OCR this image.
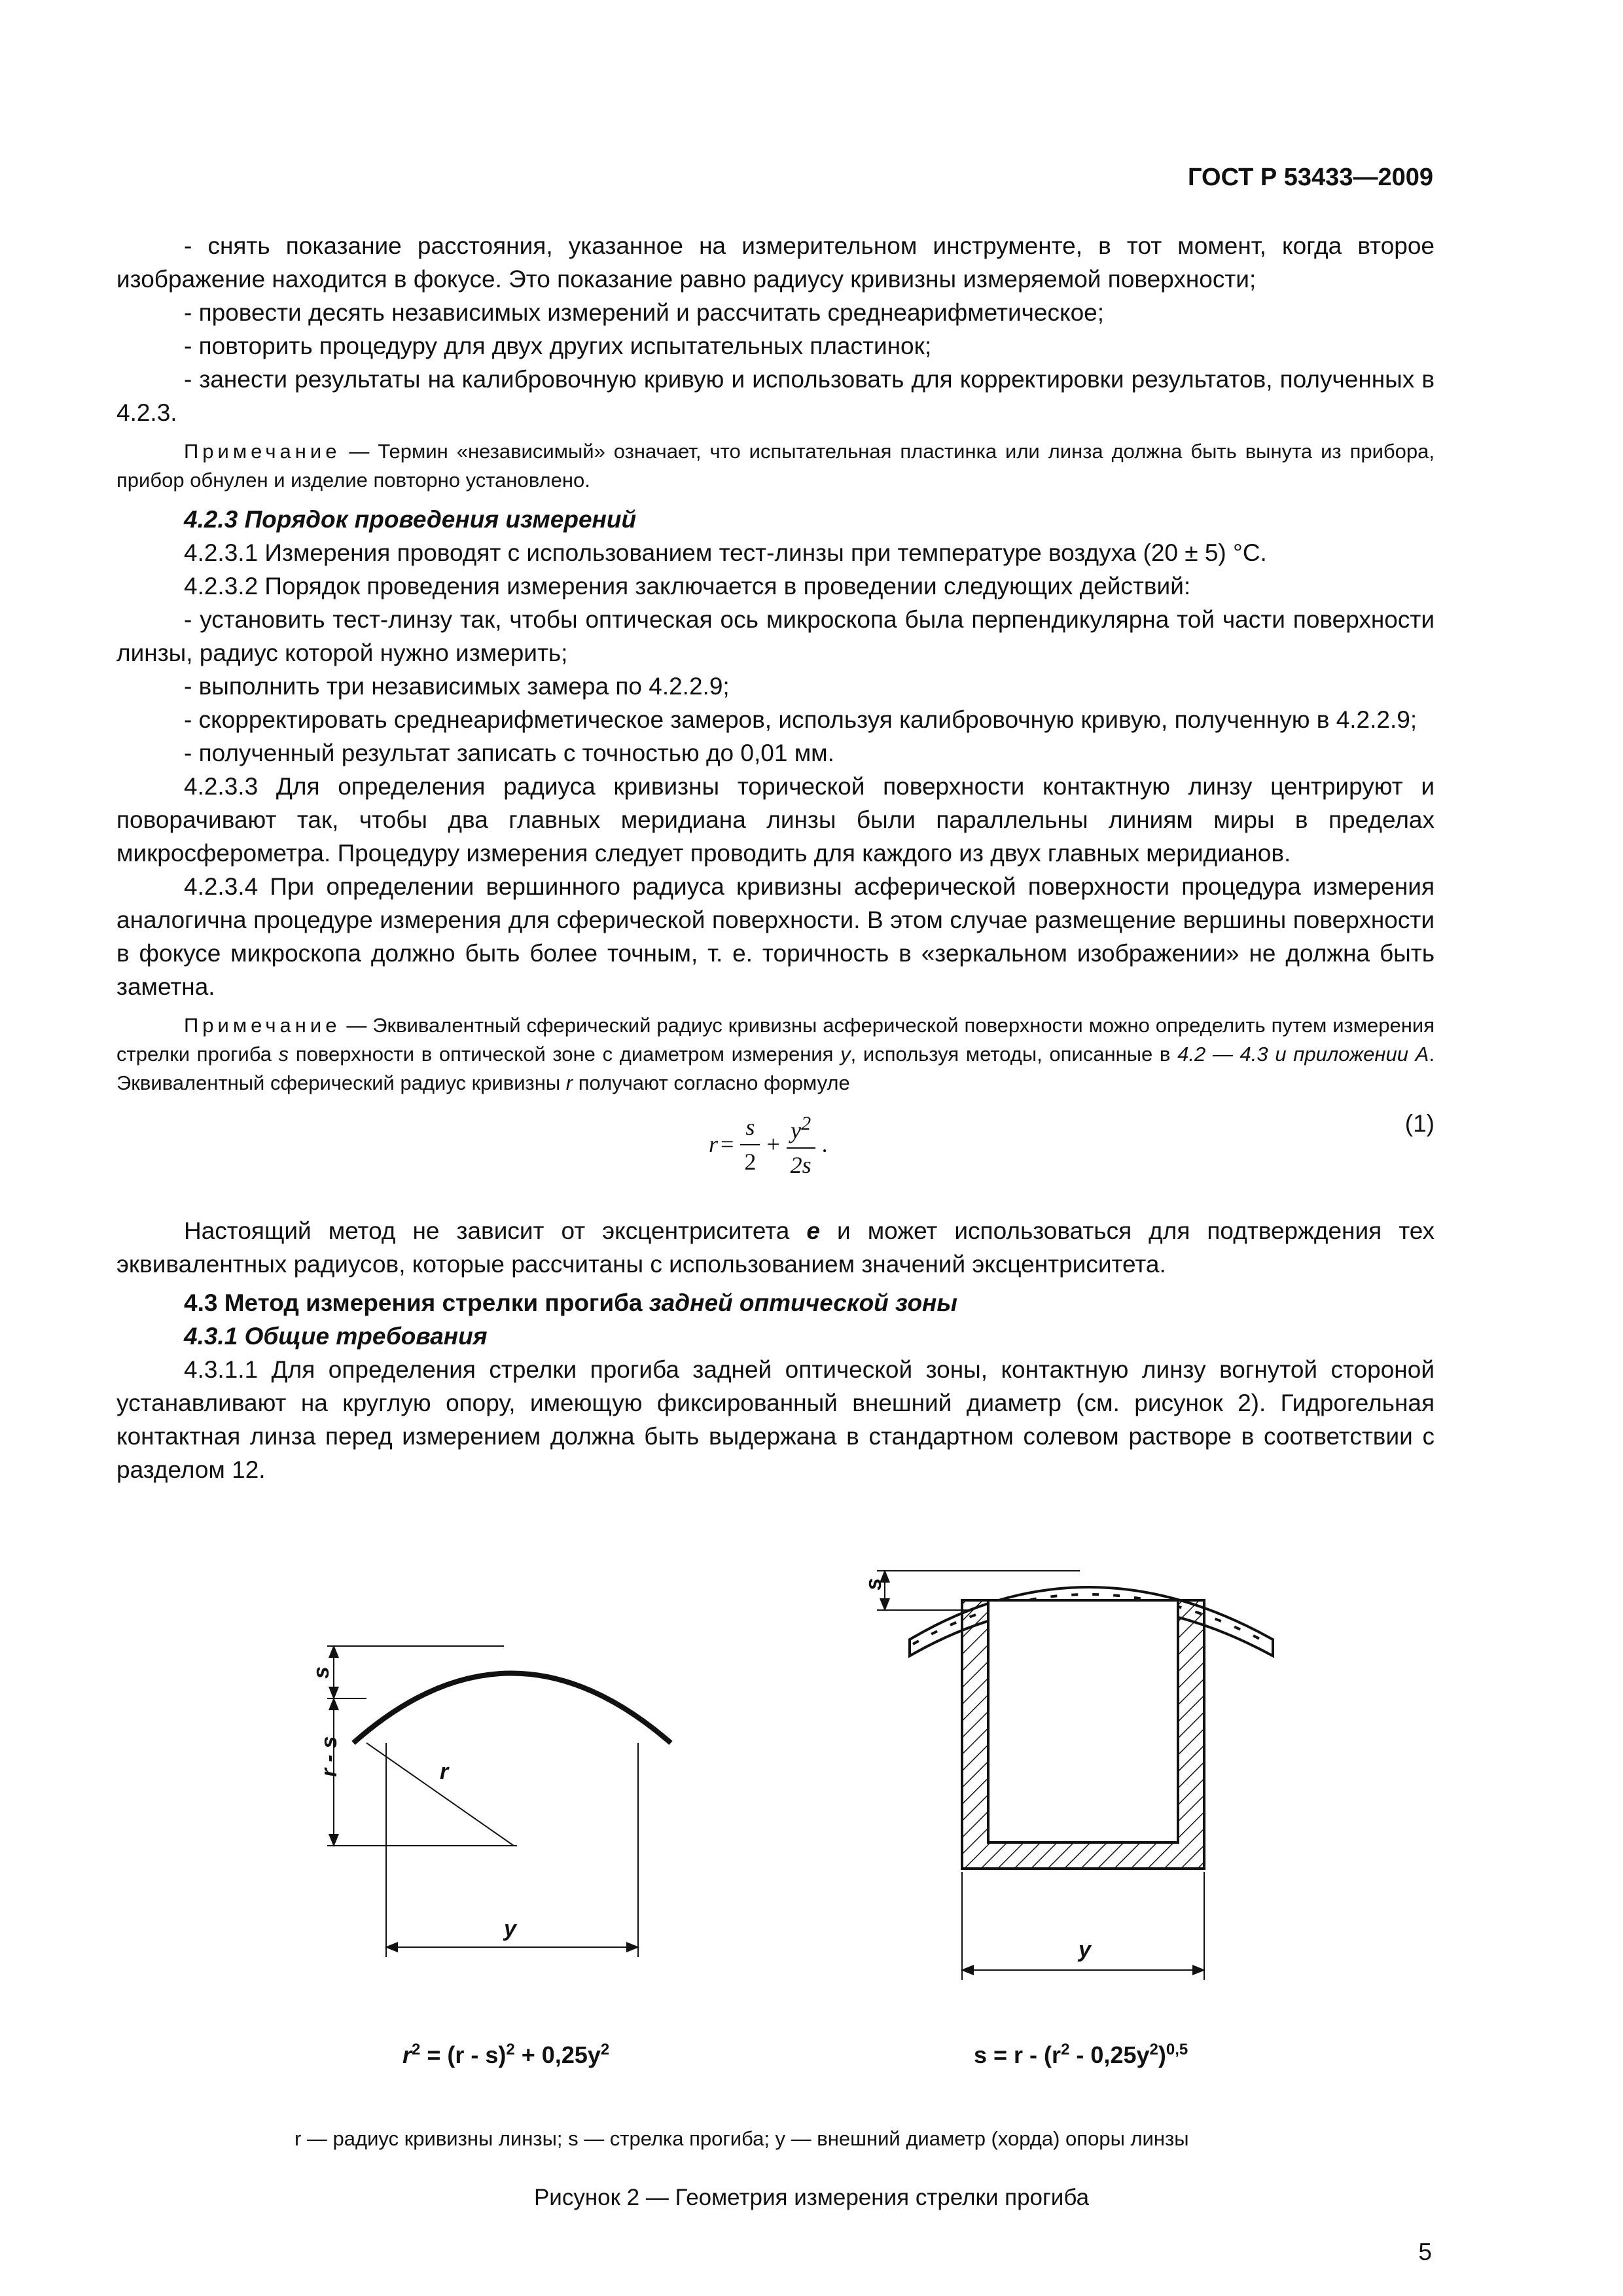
ГОСТ Р 53433—2009

- снять показание расстояния, указанное на измерительном инструменте, в тот момент, когда второе изображение находится в фокусе. Это показание равно радиусу кривизны измеряемой поверхности;

- провести десять независимых измерений и рассчитать среднеарифметическое;

- повторить процедуру для двух других испытательных пластинок;

- занести результаты на калибровочную кривую и использовать для корректировки результатов, полученных в 4.2.3.

Примечание — Термин «независимый» означает, что испытательная пластинка или линза должна быть вынута из прибора, прибор обнулен и изделие повторно установлено.

4.2.3 Порядок проведения измерений

4.2.3.1 Измерения проводят с использованием тест-линзы при температуре воздуха (20 ± 5) °С.

4.2.3.2 Порядок проведения измерения заключается в проведении следующих действий:

- установить тест-линзу так, чтобы оптическая ось микроскопа была перпендикулярна той части поверхности линзы, радиус которой нужно измерить;

- выполнить три независимых замера по 4.2.2.9;

- скорректировать среднеарифметическое замеров, используя калибровочную кривую, полученную в 4.2.2.9;

- полученный результат записать с точностью до 0,01 мм.

4.2.3.3 Для определения радиуса кривизны торической поверхности контактную линзу центрируют и поворачивают так, чтобы два главных меридиана линзы были параллельны линиям миры в пределах микросферометра. Процедуру измерения следует проводить для каждого из двух главных меридианов.

4.2.3.4 При определении вершинного радиуса кривизны асферической поверхности процедура измерения аналогична процедуре измерения для сферической поверхности. В этом случае размещение вершины поверхности в фокусе микроскопа должно быть более точным, т. е. торичность в «зеркальном изображении» не должна быть заметна.

Примечание — Эквивалентный сферический радиус кривизны асферической поверхности можно определить путем измерения стрелки прогиба s поверхности в оптической зоне с диаметром измерения y, используя методы, описанные в 4.2 — 4.3 и приложении А. Эквивалентный сферический радиус кривизны r получают согласно формуле

$r = \frac{s}{2} + \frac{y^2}{2s}$ .
(1)

Настоящий метод не зависит от эксцентриситета e и может использоваться для подтверждения тех эквивалентных радиусов, которые рассчитаны с использованием значений эксцентриситета.

4.3 Метод измерения стрелки прогиба задней оптической зоны

4.3.1 Общие требования

4.3.1.1 Для определения стрелки прогиба задней оптической зоны, контактную линзу вогнутой стороной устанавливают на круглую опору, имеющую фиксированный внешний диаметр (см. рисунок 2). Гидрогельная контактная линза перед измерением должна быть выдержана в стандартном солевом растворе в соответствии с разделом 12.

s
r - s	r
y
s
y
$r^2 = (r - s)^2 + 0,25y^2$	$s = r - (r^2 - 0,25y^2)^{0,5}$
r — радиус кривизны линзы; s — стрелка прогиба; y — внешний диаметр (хорда) опоры линзы
Рисунок 2 — Геометрия измерения стрелки прогиба
5
